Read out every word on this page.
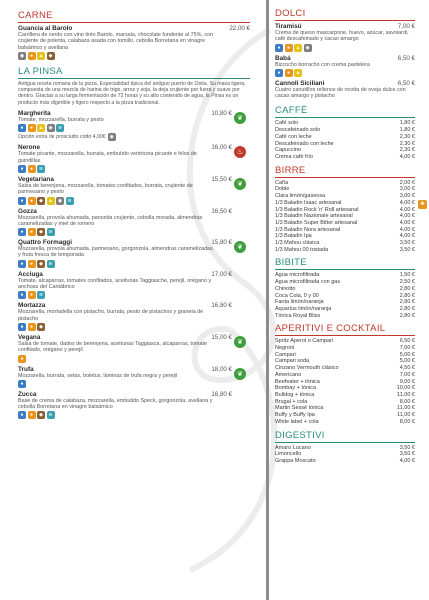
CARNE
Guancia al Barolo	22,00 €
Carrillera de cerdo con vino tinto Barolo, marsala, chocolate fundente al 75%, con crujiente de polenta, calabaza asada con tomillo, cebolla Borretana en vinagre balsámico y avellana
◉	●	▲	◆
LA PINSA
Antigua receta romana de la pizza. Especialidad típica del antiguo puerto de Ostia. Su masa ligera, compuesta de una mezcla de harina de trigo, arroz y soja, la deja crujiente por fuera y suave por dentro. Gracias a su larga fermentación de 72 horas y su alto contenido de agua, la Pinsa es un producto más digerible y ligero respecto a la pizza tradicional.
Margherita	10,80 €
❦
Tomate, mozzarella, burrata y pesto
●	●	▲ ◉	≋
Opción extra de prosciutto cotto 4,00€ ◉
Nerone	16,00 €
♨
Tomate picante, mozzarella, burrata, embutido ventricina picante e hilos de guindillas
●	●	≋
Vegetariana	15,50 €
❦
Salsa de berenjena, mozzarella, tomates confitados, burrata, crujiente de parmesano y pesto
●	●	◆	▲ ◉	≋
Gozza	16,50 €
Mozzarella, provola ahumada, pancetta crujiente, cebolla morada, almendras caramelizadas y miel de romero
●	●	◆	≋
Quattro Formaggi	15,80 €
❦
Mozzarella, provola ahumada, parmesano, gorgonzola, almendras caramelizadas y fruta fresca de temporada
●	●	◆	≋
Acciuga	17,00 €
Tomate, alcaparras, tomates confitados, aceitunas Taggiasche, perejil, orégano y anchoas del Cantábrico
●	●	≋
Mortazza	16,80 €
Mozzarella, mortadella con pistacho, burrata, pesto de pistachos y granela de pistacho
●	●	◆
Vegana	15,00 €
❦
Salsa de tomate, dados de berenjena, aceitunas Taggiasca, alcaparras, tomate confitado, orégano y perejil
●
Trufa	18,00 €
❦
Mozzarella, burrata, setas, boletus, láminas de trufa negra y perejil
●
Zucca	16,80 €
Base de crema de calabaza, mozzarella, embutido Speck, gorgonzola, avellana y cebolla Borretana en vinagre balsámico
●	●	◆	≋
DOLCI
Tiramisú	7,00 €
Crema de queso mascarpone, huevo, azúcar, savoiardi, café descafeinado y cacao amargo
●	●	▲ ◉
Babá	6,50 €
Bizcocho borracho con crema pastelera
●	●	▲
Cannoli Siciliani	6,50 €
Cuatro canutillos rellenos de ricotta de oveja dulce con cacao amargo y pistacho
CAFFÈ
Café solo	1,80 €
Descafeinado solo	1,80 €
Café con leche	2,30 €
Descafeinado con leche	2,30 €
Capuccino	2,30 €
Crema café frío	4,00 €
BIRRE
Caña	2,00 €
Doble	3,00 €
Clara limón/gaseosa	3,00 €
1/3 Baladin Isaac artesanal	4,00 € ♣
1/3 Baladin Rock 'n' Roll artesanal	4,00 €
1/3 Baladin Nazionale artesanal	4,00 €
1/3 Baladin Super Bitter artesanal	4,00 €
1/3 Baladin Nora artesanal	4,00 €
1/3 Baladin Ipa	4,00 €
1/3 Mahou clásica	3,50 €
1/3 Mahou 00 tostada	3,50 €
BIBITE
Agua microfiltrada	1,50 €
Agua microfiltrada con gas	2,50 €
Chinotto	2,80 €
Coca Cola, 0 y 00	2,80 €
Fanta limón/naranja	2,80 €
Aquarius limón/naranja	2,80 €
Tónica Royal Bliss	2,80 €
APERITIVI E COCKTAIL
Spritz Aperol o Campari	6,50 €
Negroni	7,00 €
Campari	5,00 €
Campari soda	5,00 €
Cinzano Vermouth clásico	4,50 €
Americano	7,00 €
Beefeater + tónica	9,00 €
Bombay + tónica	10,00 €
Bulldog + tónica	11,00 €
Brugal + cola	8,00 €
Martin Sessé tónica	11,00 €
Buffy y Buffy Ipa	11,00 €
White label + cola	8,00 €
DIGESTIVI
Amaro Lucano	3,50 €
Limoncello	3,50 €
Grappa Moscato	4,00 €
